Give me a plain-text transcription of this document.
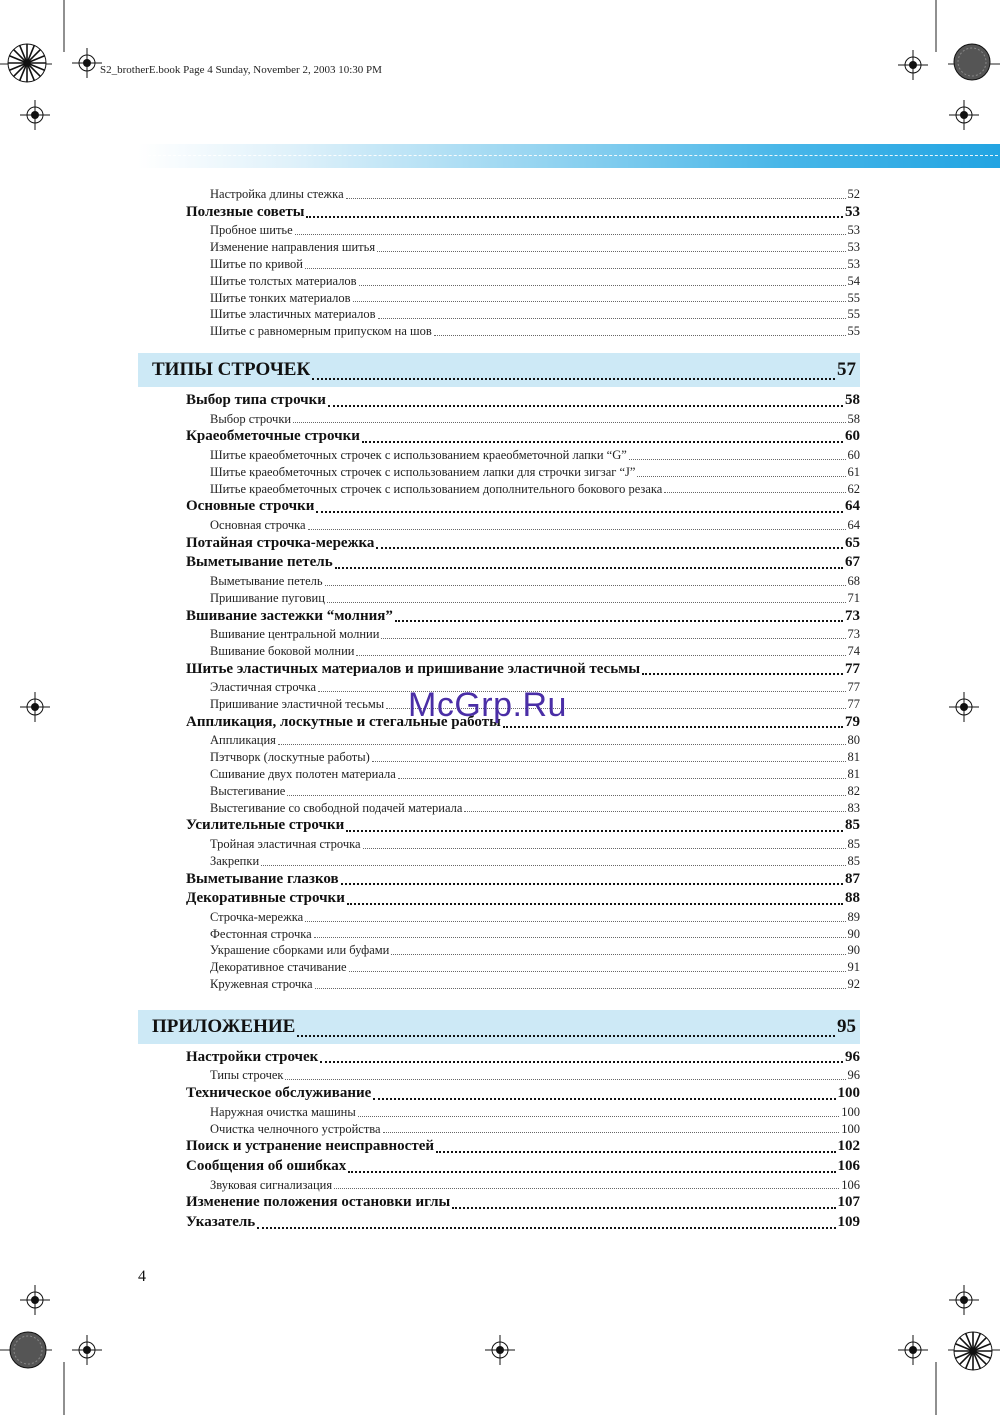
S2_brotherE.book Page 4 Sunday, November 2, 2003 10:30 PM
Настройка длины стежка	52
Полезные советы	53
Пробное шитье	53
Изменение направления шитья	53
Шитье по кривой	53
Шитье толстых материалов	54
Шитье тонких материалов	55
Шитье эластичных материалов	55
Шитье с равномерным припуском на шов	55
ТИПЫ СТРОЧЕК	57
Выбор типа строчки	58
Выбор строчки	58
Краеобметочные строчки	60
Шитье краеобметочных строчек с использованием краеобметочной лапки “G”	60
Шитье краеобметочных строчек с использованием лапки для строчки зигзаг “J”	61
Шитье краеобметочных строчек с использованием дополнительного бокового резака	62
Основные строчки	64
Основная строчка	64
Потайная строчка-мережка	65
Выметывание петель	67
Выметывание петель	68
Пришивание пуговиц	71
Вшивание застежки “молния”	73
Вшивание центральной молнии	73
Вшивание боковой молнии	74
Шитье эластичных материалов и пришивание эластичной тесьмы	77
Эластичная строчка	77
Пришивание эластичной тесьмы	77
Аппликация, лоскутные и стегальные работы	79
Аппликация	80
Пэтчворк (лоскутные работы)	81
Сшивание двух полотен материала	81
Выстегивание	82
Выстегивание со свободной подачей материала	83
Усилительные строчки	85
Тройная эластичная строчка	85
Закрепки	85
Выметывание глазков	87
Декоративные строчки	88
Строчка-мережка	89
Фестонная строчка	90
Украшение сборками или буфами	90
Декоративное стачивание	91
Кружевная строчка	92
ПРИЛОЖЕНИЕ	95
Настройки строчек	96
Типы строчек	96
Техническое обслуживание	100
Наружная очистка машины	100
Очистка челночного устройства	100
Поиск и устранение неисправностей	102
Сообщения об ошибках	106
Звуковая сигнализация	106
Изменение положения остановки иглы	107
Указатель	109
McGrp.Ru
4
